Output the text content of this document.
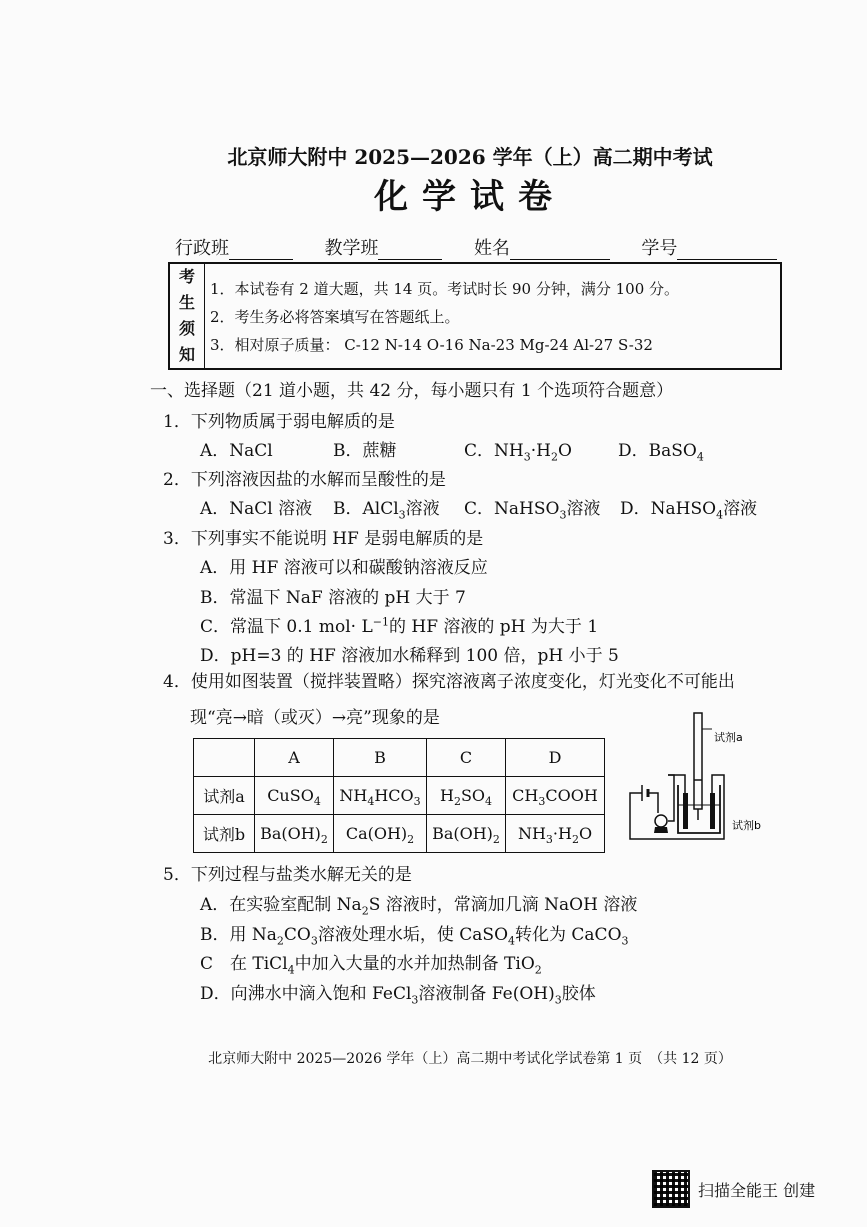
北京师大附中 2025—2026 学年（上）高二期中考试
化学试卷
行政班	教学班	姓名	学号
考
生
须
知
1．本试卷有 2 道大题，共 14 页。考试时长 90 分钟，满分 100 分。
2．考生务必将答案填写在答题纸上。
3．相对原子质量： C-12 N-14 O-16 Na-23 Mg-24 Al-27 S-32
一、选择题（21 道小题，共 42 分，每小题只有 1 个选项符合题意）
1．下列物质属于弱电解质的是
A．NaCl	B．蔗糖	C．$NH_3\cdot H_2O$	D．BaSO$_4$
2．下列溶液因盐的水解而呈酸性的是
A．NaCl 溶液 B．AlCl$_3$溶液 C．NaHSO$_3$溶液 D．NaHSO$_4$溶液
3．下列事实不能说明 HF 是弱电解质的是
A．用 HF 溶液可以和碳酸钠溶液反应
B．常温下 NaF 溶液的 pH 大于 7
C．常温下 0.1 $mol\cdot L^{-1}$的 HF 溶液的 pH 为大于 1
D．pH=3 的 HF 溶液加水稀释到 100 倍，pH 小于 5
4．使用如图装置（搅拌装置略）探究溶液离子浓度变化，灯光变化不可能出
现“亮→暗（或灭）→亮”现象的是
	A	B	C	D
试剂a	CuSO$_4$	$NH_4HCO_3$	$H_2SO_4$	$CH_3COOH$
试剂b	$Ba(OH)_2$	$Ca(OH)_2$	$Ba(OH)_2$	$NH_3\cdot H_2O$
试剂a
试剂b
5．下列过程与盐类水解无关的是
A．在实验室配制 $Na_2S$ 溶液时，常滴加几滴 NaOH 溶液
B．用 $Na_2CO_3$溶液处理水垢，使 CaSO$_4$转化为 CaCO$_3$
C　在 TiCl$_4$中加入大量的水并加热制备 TiO$_2$
D．向沸水中滴入饱和 FeCl$_3$溶液制备 $Fe(OH)_3$胶体
北京师大附中 2025—2026 学年（上）高二期中考试化学试卷第 1 页　（共 12 页）
扫描全能王 创建
